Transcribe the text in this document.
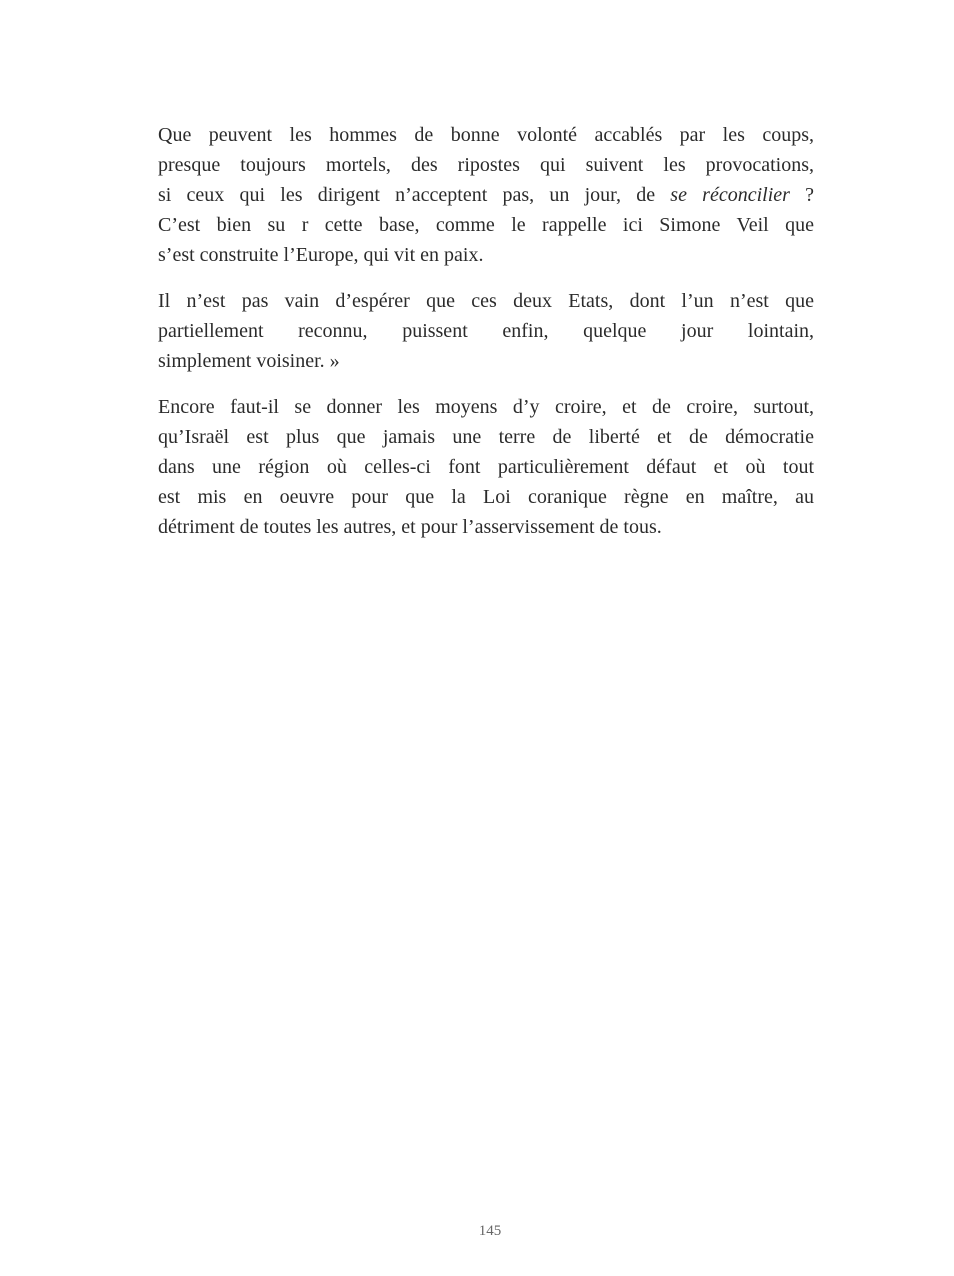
Que peuvent les hommes de bonne volonté accablés par les coups,
presque toujours mortels, des ripostes qui suivent les provocations,
si ceux qui les dirigent n’acceptent pas, un jour, de se réconcilier ?
C’est bien su r cette base, comme le rappelle ici Simone Veil que
s’est construite l’Europe, qui vit en paix.

Il n’est pas vain d’espérer que ces deux Etats, dont l’un n’est que
partiellement reconnu, puissent enfin, quelque jour lointain,
simplement voisiner. »

Encore faut-il se donner les moyens d’y croire, et de croire, surtout,
qu’Israël est plus que jamais une terre de liberté et de démocratie
dans une région où celles-ci font particulièrement défaut et où tout
est mis en oeuvre pour que la Loi coranique règne en maître, au
détriment de toutes les autres, et pour l’asservissement de tous.

145
